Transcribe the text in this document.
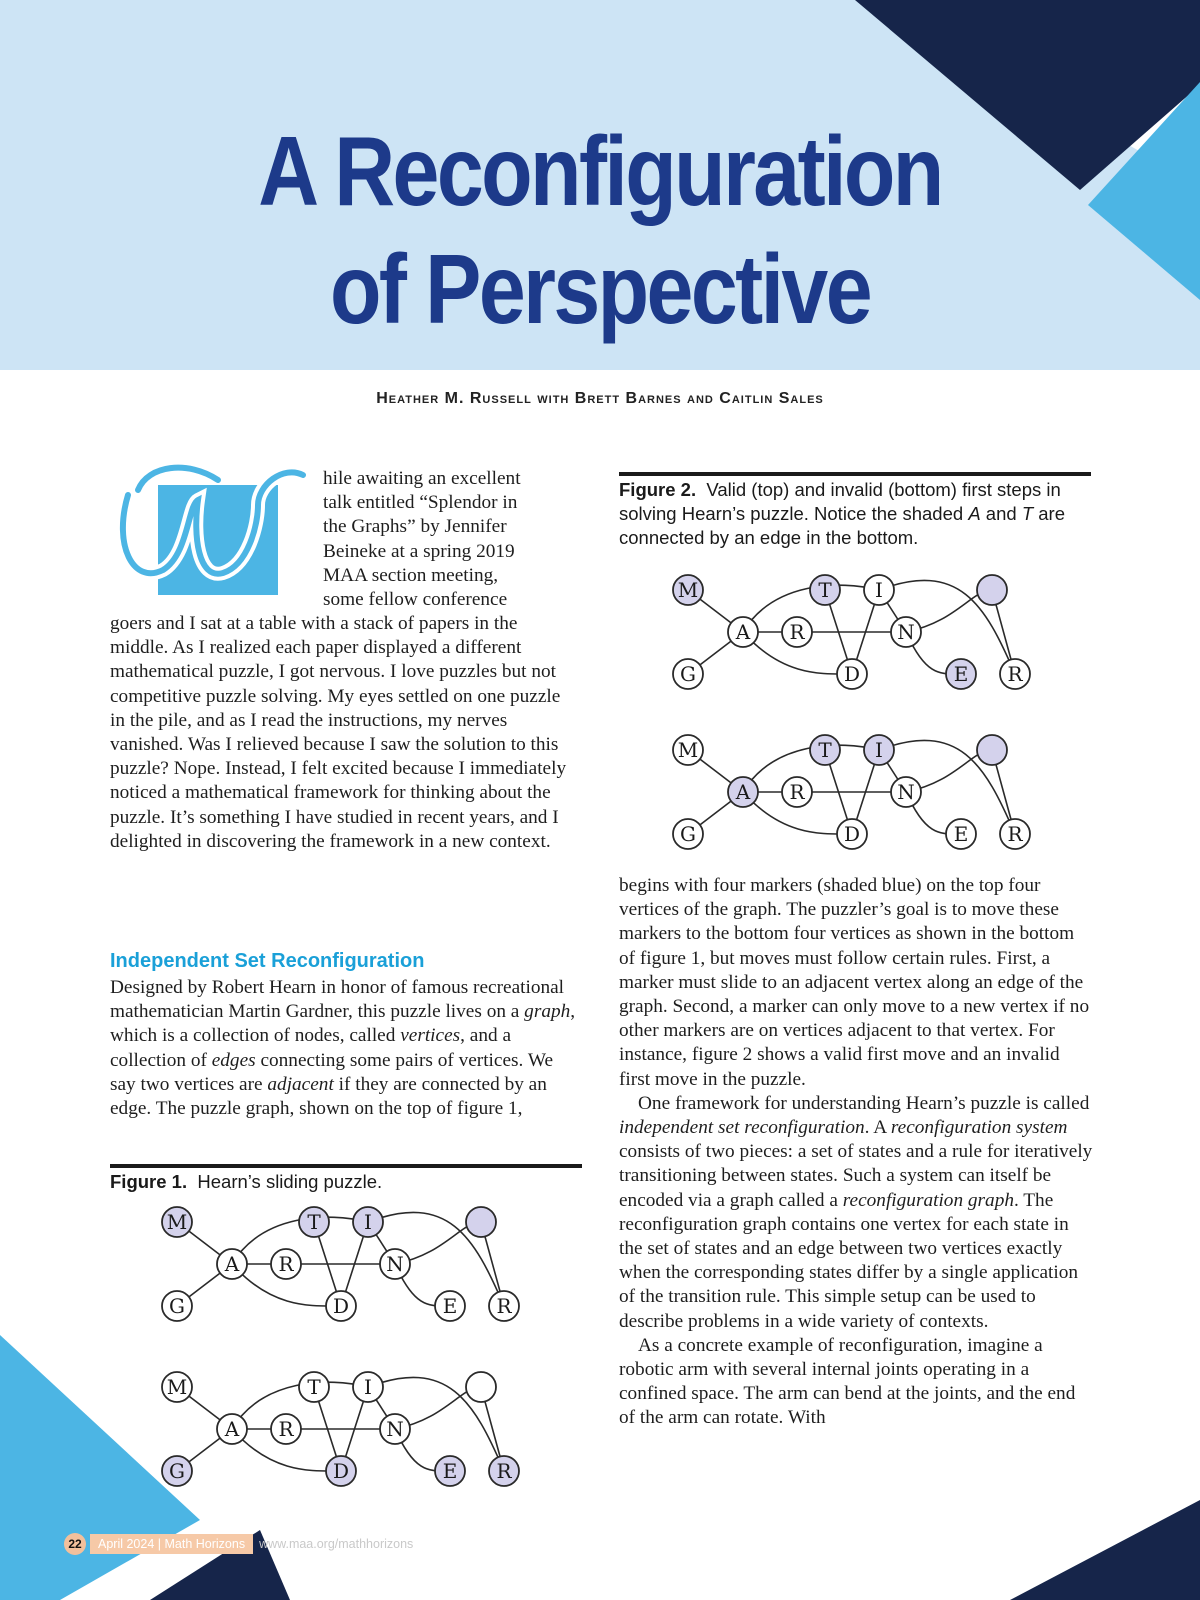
A Reconfiguration
of Perspective
Heather M. Russell with Brett Barnes and Caitlin Sales
W

hile awaiting an excellent

talk entitled “Splendor in

the Graphs” by Jennifer

Beineke at a spring 2019

MAA section meeting,

some fellow conference

goers and I sat at a table with a stack of papers in the middle. As I realized each paper displayed a different mathematical puzzle, I got nervous. I love puzzles but not competitive puzzle solving. My eyes settled on one puzzle in the pile, and as I read the instructions, my nerves vanished. Was I relieved because I saw the solution to this puzzle? Nope. Instead, I felt excited because I immediately noticed a mathematical framework for thinking about the puzzle. It’s something I have studied in recent years, and I delighted in discovering the framework in a new context.
Independent Set Reconfiguration
Designed by Robert Hearn in honor of famous recreational mathematician Martin Gardner, this puzzle lives on a graph, which is a collection of nodes, called vertices, and a collection of edges connecting some pairs of vertices. We say two vertices are adjacent if they are connected by an edge. The puzzle graph, shown on the top of figure 1,
Figure 1. Hearn’s sliding puzzle.
M	T I
A R	N
G	D	E R
M	T I
A R	N
G	D	E R
M	T I
A R	N
G	D	E R
M	T I
A R	N
G	D	E R
Figure 2. Valid (top) and invalid (bottom) first steps in solving Hearn’s puzzle. Notice the shaded A and T are connected by an edge in the bottom.

begins with four markers (shaded blue) on the top four vertices of the graph. The puzzler’s goal is to move these markers to the bottom four vertices as shown in the bottom of figure 1, but moves must follow certain rules. First, a marker must slide to an adjacent vertex along an edge of the graph. Second, a marker can only move to a new vertex if no other markers are on vertices adjacent to that vertex. For instance, figure 2 shows a valid first move and an invalid first move in the puzzle.

One framework for understanding Hearn’s puzzle is called independent set reconfiguration. A reconfiguration system consists of two pieces: a set of states and a rule for iteratively transitioning between states. Such a system can itself be encoded via a graph called a reconfiguration graph. The reconfiguration graph contains one vertex for each state in the set of states and an edge between two vertices exactly when the corresponding states differ by a single application of the transition rule. This simple setup can be used to describe problems in a wide variety of contexts.

As a concrete example of reconfiguration, imagine a robotic arm with several internal joints operating in a confined space. The arm can bend at the joints, and the end of the arm can rotate. With

22	April 2024 | Math Horizons	www.maa.org/mathhorizons
